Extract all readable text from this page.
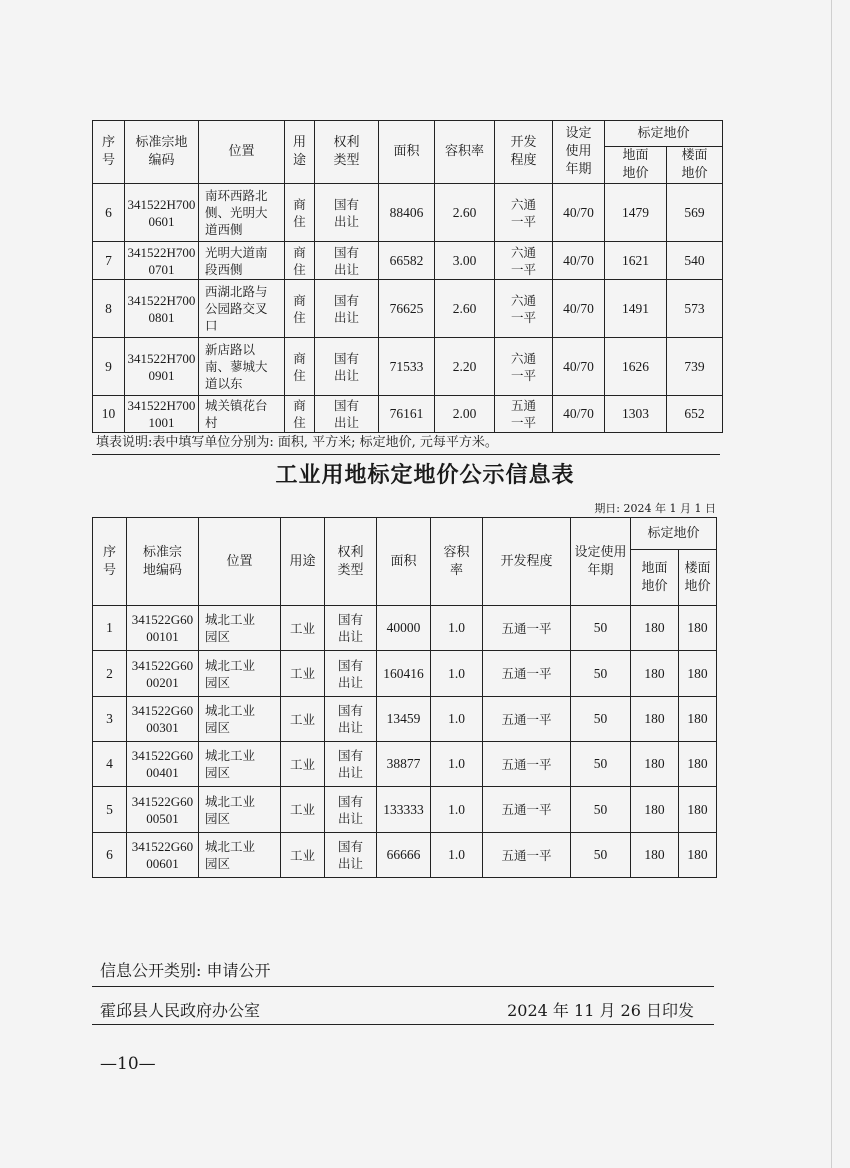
序号	标准宗地编码	位置	用途	权利类型	面积	容积率	开发程度	设定使用年期	标定地价	
									地面地价	楼面地价
6	341522H7000601	南环西路北侧、光明大道西侧	商住	国有出让	88406	2.60	六通一平	40/70	1479	569
7	341522H7000701	光明大道南段西侧	商住	国有出让	66582	3.00	六通一平	40/70	1621	540
8	341522H7000801	西湖北路与公园路交叉口	商住	国有出让	76625	2.60	六通一平	40/70	1491	573
9	341522H7000901	新店路以南、蓼城大道以东	商住	国有出让	71533	2.20	六通一平	40/70	1626	739
10	341522H7001001	城关镇花台村	商住	国有出让	76161	2.00	五通一平	40/70	1303	652
填表说明:表中填写单位分别为: 面积, 平方米; 标定地价, 元每平方米。
工业用地标定地价公示信息表
期日: 2024 年 1 月 1 日
序号	标准宗地编码	位置	用途	权利类型	面积	容积率	开发程度	设定使用年期	标定地价	
									地面地价	楼面地价
1	341522G6000101	城北工业园区	工业	国有出让	40000	1.0	五通一平	50	180	180
2	341522G6000201	城北工业园区	工业	国有出让	160416	1.0	五通一平	50	180	180
3	341522G6000301	城北工业园区	工业	国有出让	13459	1.0	五通一平	50	180	180
4	341522G6000401	城北工业园区	工业	国有出让	38877	1.0	五通一平	50	180	180
5	341522G6000501	城北工业园区	工业	国有出让	133333	1.0	五通一平	50	180	180
6	341522G6000601	城北工业园区	工业	国有出让	66666	1.0	五通一平	50	180	180
信息公开类别: 申请公开
霍邱县人民政府办公室	2024 年 11 月 26 日印发
—10—
